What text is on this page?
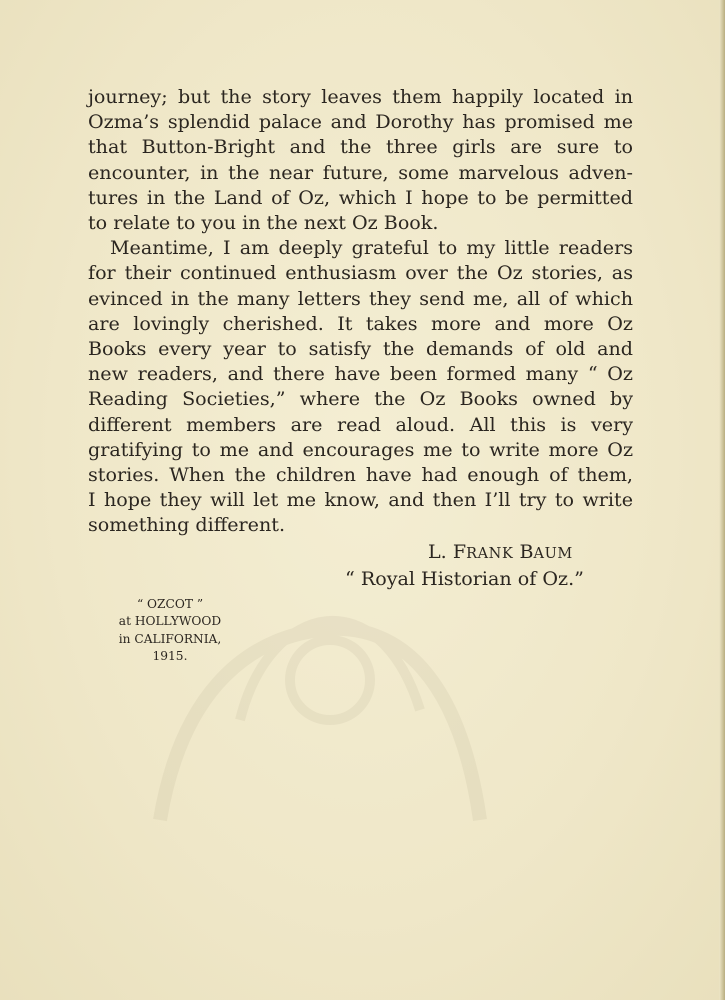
journey; but the story leaves them happily located in
Ozma’s splendid palace and Dorothy has promised me
that Button-Bright and the three girls are sure to
encounter, in the near future, some marvelous adven-
tures in the Land of Oz, which I hope to be permitted
to relate to you in the next Oz Book.
Meantime, I am deeply grateful to my little readers
for their continued enthusiasm over the Oz stories, as
evinced in the many letters they send me, all of which
are lovingly cherished. It takes more and more Oz
Books every year to satisfy the demands of old and
new readers, and there have been formed many “ Oz
Reading Societies,” where the Oz Books owned by
different members are read aloud. All this is very
gratifying to me and encourages me to write more Oz
stories. When the children have had enough of them,
I hope they will let me know, and then I’ll try to write
something different.
L. FRANK BAUM
“ Royal Historian of Oz.”
“ OZCOT ”
at HOLLYWOOD
in CALIFORNIA,
1915.
